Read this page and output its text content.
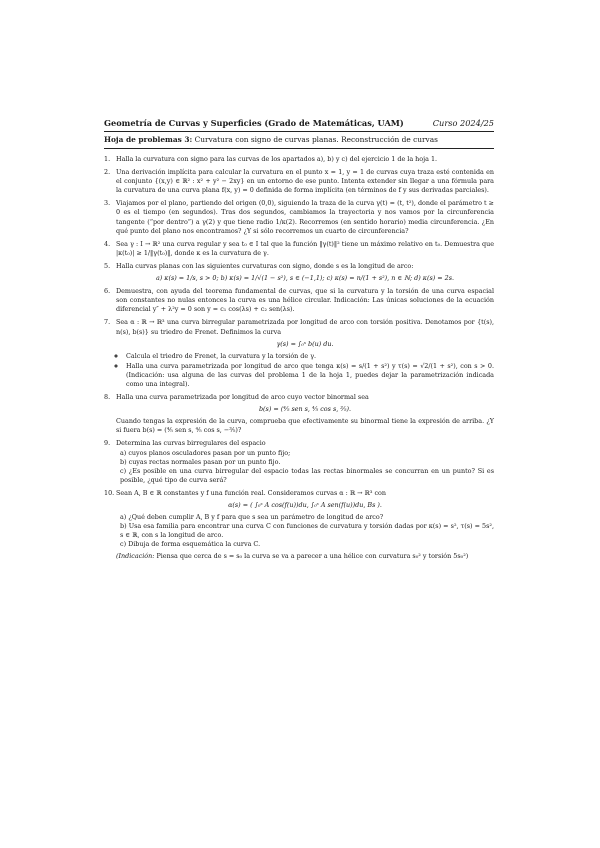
Geometría de Curvas y Superficies (Grado de Matemáticas, UAM)	Curso 2024/25
Hoja de problemas 3: Curvatura con signo de curvas planas. Reconstrucción de curvas
1. Halla la curvatura con signo para las curvas de los apartados a), b) y c) del ejercicio 1 de la hoja 1.
2. Una derivación implícita para calcular la curvatura en el punto x = 1, y = 1 de curvas cuya traza esté contenida en el conjunto {(x,y) ∈ ℝ² : x² + y² − 2xy} en un entorno de ese punto. Intenta extender sin llegar a una fórmula para la curvatura de una curva plana f(x, y) = 0 definida de forma implícita (en términos de f y sus derivadas parciales).
3. Viajamos por el plano, partiendo del origen (0,0), siguiendo la traza de la curva γ(t) = (t, t²), donde el parámetro t ≥ 0 es el tiempo (en segundos). Tras dos segundos, cambiamos la trayectoria y nos vamos por la circunferencia tangente (“por dentro”) a γ(2) y que tiene radio 1/κ(2). Recorremos (en sentido horario) media circunferencia. ¿En qué punto del plano nos encontramos? ¿Y si sólo recorremos un cuarto de circunferencia?
4. Sea γ : I → ℝ² una curva regular y sea t₀ ∈ I tal que la función ‖γ(t)‖² tiene un máximo relativo en t₀. Demuestra que |κ(t₀)| ≥ 1/‖γ(t₀)‖, donde κ es la curvatura de γ.
5. Halla curvas planas con las siguientes curvaturas con signo, donde s es la longitud de arco:
a) κ(s) = 1/s, s > 0; b) κ(s) = 1/√(1 − s²), s ∈ (−1,1); c) κ(s) = n/(1 + s²), n ∈ ℕ; d) κ(s) = 2s.
6. Demuestra, con ayuda del teorema fundamental de curvas, que si la curvatura y la torsión de una curva espacial son constantes no nulas entonces la curva es una hélice circular. Indicación: Las únicas soluciones de la ecuación diferencial y″ + λ²y = 0 son y = c₁ cos(λs) + c₂ sen(λs).
7. Sea α : ℝ → ℝ³ una curva birregular parametrizada por longitud de arco con torsión positiva. Denotamos por {t(s), n(s), b(s)} su triedro de Frenet. Definimos la curva
γ(s) = ∫₀ˢ b(u) du.
◦ Calcula el triedro de Frenet, la curvatura y la torsión de γ.
◦ Halla una curva parametrizada por longitud de arco que tenga κ(s) = s/(1 + s²) y τ(s) = √2/(1 + s²), con s > 0. (Indicación: usa alguna de las curvas del problema 1 de la hoja 1, puedes dejar la parametrización indicada como una integral).
8. Halla una curva parametrizada por longitud de arco cuyo vector binormal sea
b(s) = (⅘ sen s, ⅘ cos s, ⅗).
Cuando tengas la expresión de la curva, comprueba que efectivamente su binormal tiene la expresión de arriba. ¿Y si fuera b(s) = (⅘ sen s, ⅘ cos s, −⅗)?
9. Determina las curvas birregulares del espacio
a) cuyos planos osculadores pasan por un punto fijo;
b) cuyas rectas normales pasan por un punto fijo.
c) ¿Es posible en una curva birregular del espacio todas las rectas binormales se concurran en un punto? Si es posible, ¿qué tipo de curva será?
10. Sean A, B ∈ ℝ constantes y f una función real. Consideramos curvas α : ℝ → ℝ³ con
α(s) = ( ∫₀ˢ A cos(f(u))du, ∫₀ˢ A sen(f(u))du, Bs ).
a) ¿Qué deben cumplir A, B y f para que s sea un parámetro de longitud de arco?
b) Usa esa familia para encontrar una curva C con funciones de curvatura y torsión dadas por κ(s) = s², τ(s) = 5s², s ∈ ℝ, con s la longitud de arco.
c) Dibuja de forma esquemática la curva C.
(Indicación: Piensa que cerca de s = s₀ la curva se va a parecer a una hélice con curvatura s₀² y torsión 5s₀²)
